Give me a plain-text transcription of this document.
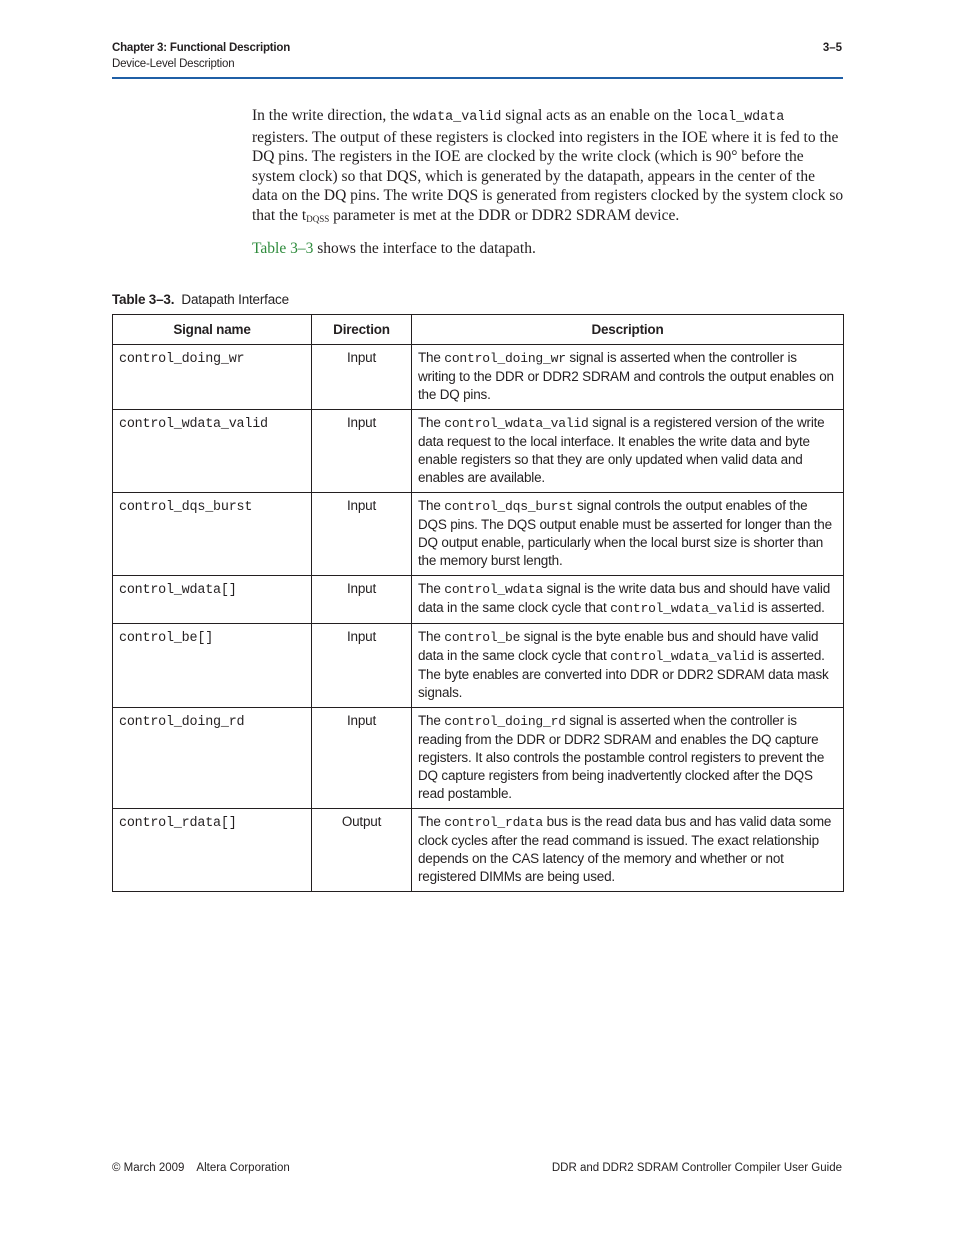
Chapter 3: Functional Description
Device-Level Description
3–5

In the write direction, the wdata_valid signal acts as an enable on the local_wdata registers. The output of these registers is clocked into registers in the IOE where it is fed to the DQ pins. The registers in the IOE are clocked by the write clock (which is 90° before the system clock) so that DQS, which is generated by the datapath, appears in the center of the data on the DQ pins. The write DQS is generated from registers clocked by the system clock so that the $t_{DQSS}$ parameter is met at the DDR or DDR2 SDRAM device.

Table 3–3 shows the interface to the datapath.

Table 3–3. Datapath Interface
Signal name	Direction	Description
control_doing_wr	Input	The control_doing_wr signal is asserted when the controller is writing to the DDR or DDR2 SDRAM and controls the output enables on the DQ pins.
control_wdata_valid	Input	The control_wdata_valid signal is a registered version of the write data request to the local interface. It enables the write data and byte enable registers so that they are only updated when valid data and enables are available.
control_dqs_burst	Input	The control_dqs_burst signal controls the output enables of the DQS pins. The DQS output enable must be asserted for longer than the DQ output enable, particularly when the local burst size is shorter than the memory burst length.
control_wdata[]	Input	The control_wdata signal is the write data bus and should have valid data in the same clock cycle that control_wdata_valid is asserted.
control_be[]	Input	The control_be signal is the byte enable bus and should have valid data in the same clock cycle that control_wdata_valid is asserted. The byte enables are converted into DDR or DDR2 SDRAM data mask signals.
control_doing_rd	Input	The control_doing_rd signal is asserted when the controller is reading from the DDR or DDR2 SDRAM and enables the DQ capture registers. It also controls the postamble control registers to prevent the DQ capture registers from being inadvertently clocked after the DQS read postamble.
control_rdata[]	Output	The control_rdata bus is the read data bus and has valid data some clock cycles after the read command is issued. The exact relationship depends on the CAS latency of the memory and whether or not registered DIMMs are being used.
© March 2009 Altera Corporation	DDR and DDR2 SDRAM Controller Compiler User Guide
